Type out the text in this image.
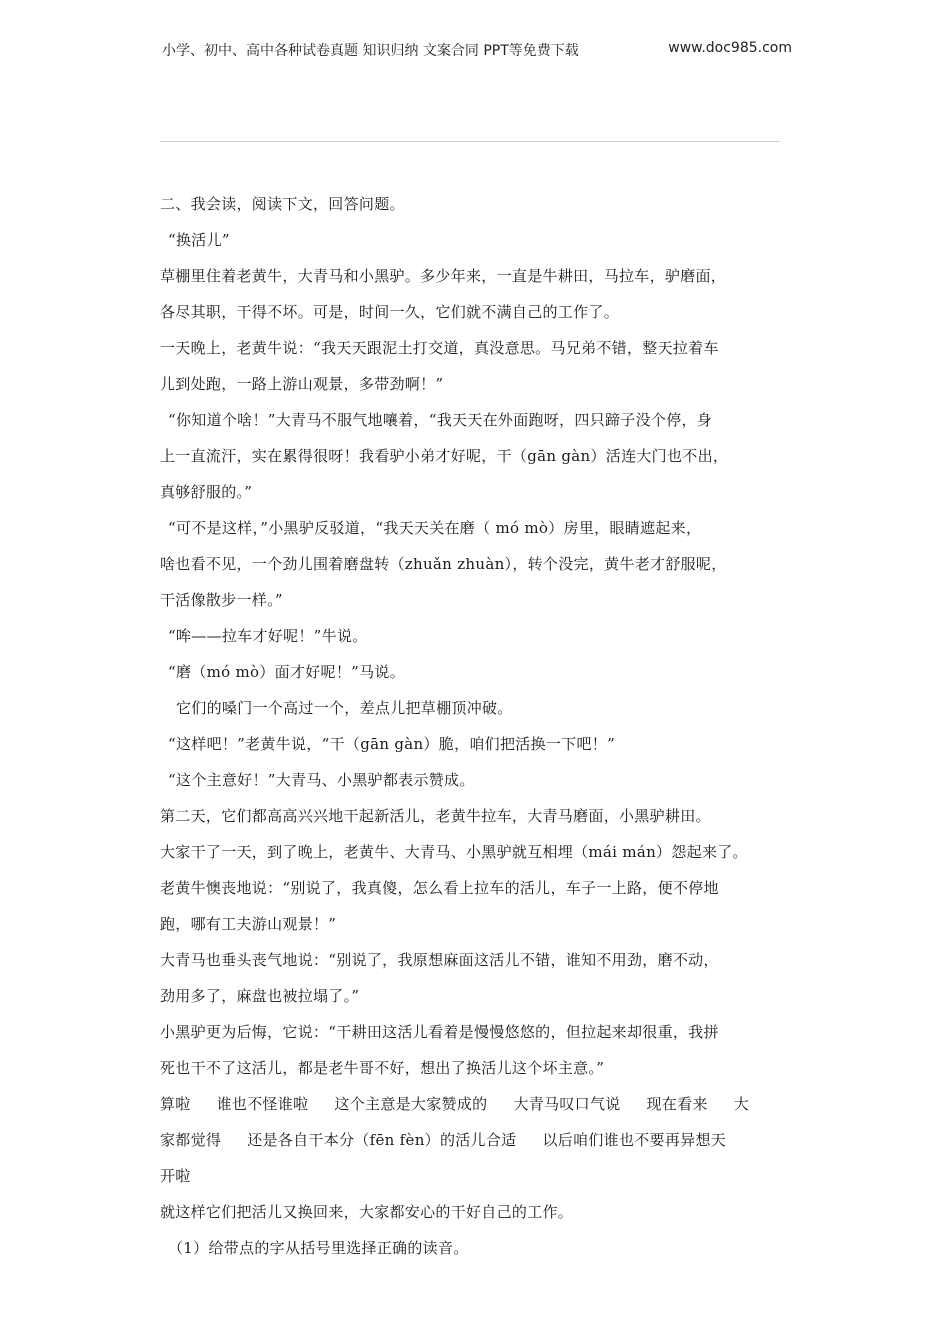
小学、初中、高中各种试卷真题 知识归纳 文案合同 PPT等免费下载	www.doc985.com
二、我会读，阅读下文，回答问题。
“换活儿”
草棚里住着老黄牛，大青马和小黑驴。多少年来，一直是牛耕田，马拉车，驴磨面，
各尽其职，干得不坏。可是，时间一久，它们就不满自己的工作了。
一天晚上，老黄牛说：“我天天跟泥土打交道，真没意思。马兄弟不错，整天拉着车
儿到处跑，一路上游山观景，多带劲啊！”
“你知道个啥！”大青马不服气地嚷着，“我天天在外面跑呀，四只蹄子没个停，身
上一直流汗，实在累得很呀！我看驴小弟才好呢，干（gān gàn）活连大门也不出，
真够舒服的。”
“可不是这样，”小黑驴反驳道，“我天天关在磨（ mó mò）房里，眼睛遮起来，
啥也看不见，一个劲儿围着磨盘转（zhuǎn zhuàn），转个没完，黄牛老才舒服呢，
干活像散步一样。”
“哞——拉车才好呢！”牛说。
“磨（mó mò）面才好呢！”马说。
它们的嗓门一个高过一个，差点儿把草棚顶冲破。
“这样吧！”老黄牛说，“干（gān gàn）脆，咱们把活换一下吧！”
“这个主意好！”大青马、小黑驴都表示赞成。
第二天，它们都高高兴兴地干起新活儿，老黄牛拉车，大青马磨面，小黑驴耕田。
大家干了一天，到了晚上，老黄牛、大青马、小黑驴就互相埋（mái mán）怨起来了。
老黄牛懊丧地说：“别说了，我真傻，怎么看上拉车的活儿，车子一上路，便不停地
跑，哪有工夫游山观景！”
大青马也垂头丧气地说：“别说了，我原想麻面这活儿不错，谁知不用劲，磨不动，
劲用多了，麻盘也被拉塌了。”
小黑驴更为后悔，它说：“干耕田这活儿看着是慢慢悠悠的，但拉起来却很重，我拼
死也干不了这活儿，都是老牛哥不好，想出了换活儿这个坏主意。”
算啦 谁也不怪谁啦 这个主意是大家赞成的 大青马叹口气说 现在看来 大
家都觉得 还是各自干本分（fēn fèn）的活儿合适 以后咱们谁也不要再异想天
开啦
就这样它们把活儿又换回来，大家都安心的干好自己的工作。
（1）给带点的字从括号里选择正确的读音。
